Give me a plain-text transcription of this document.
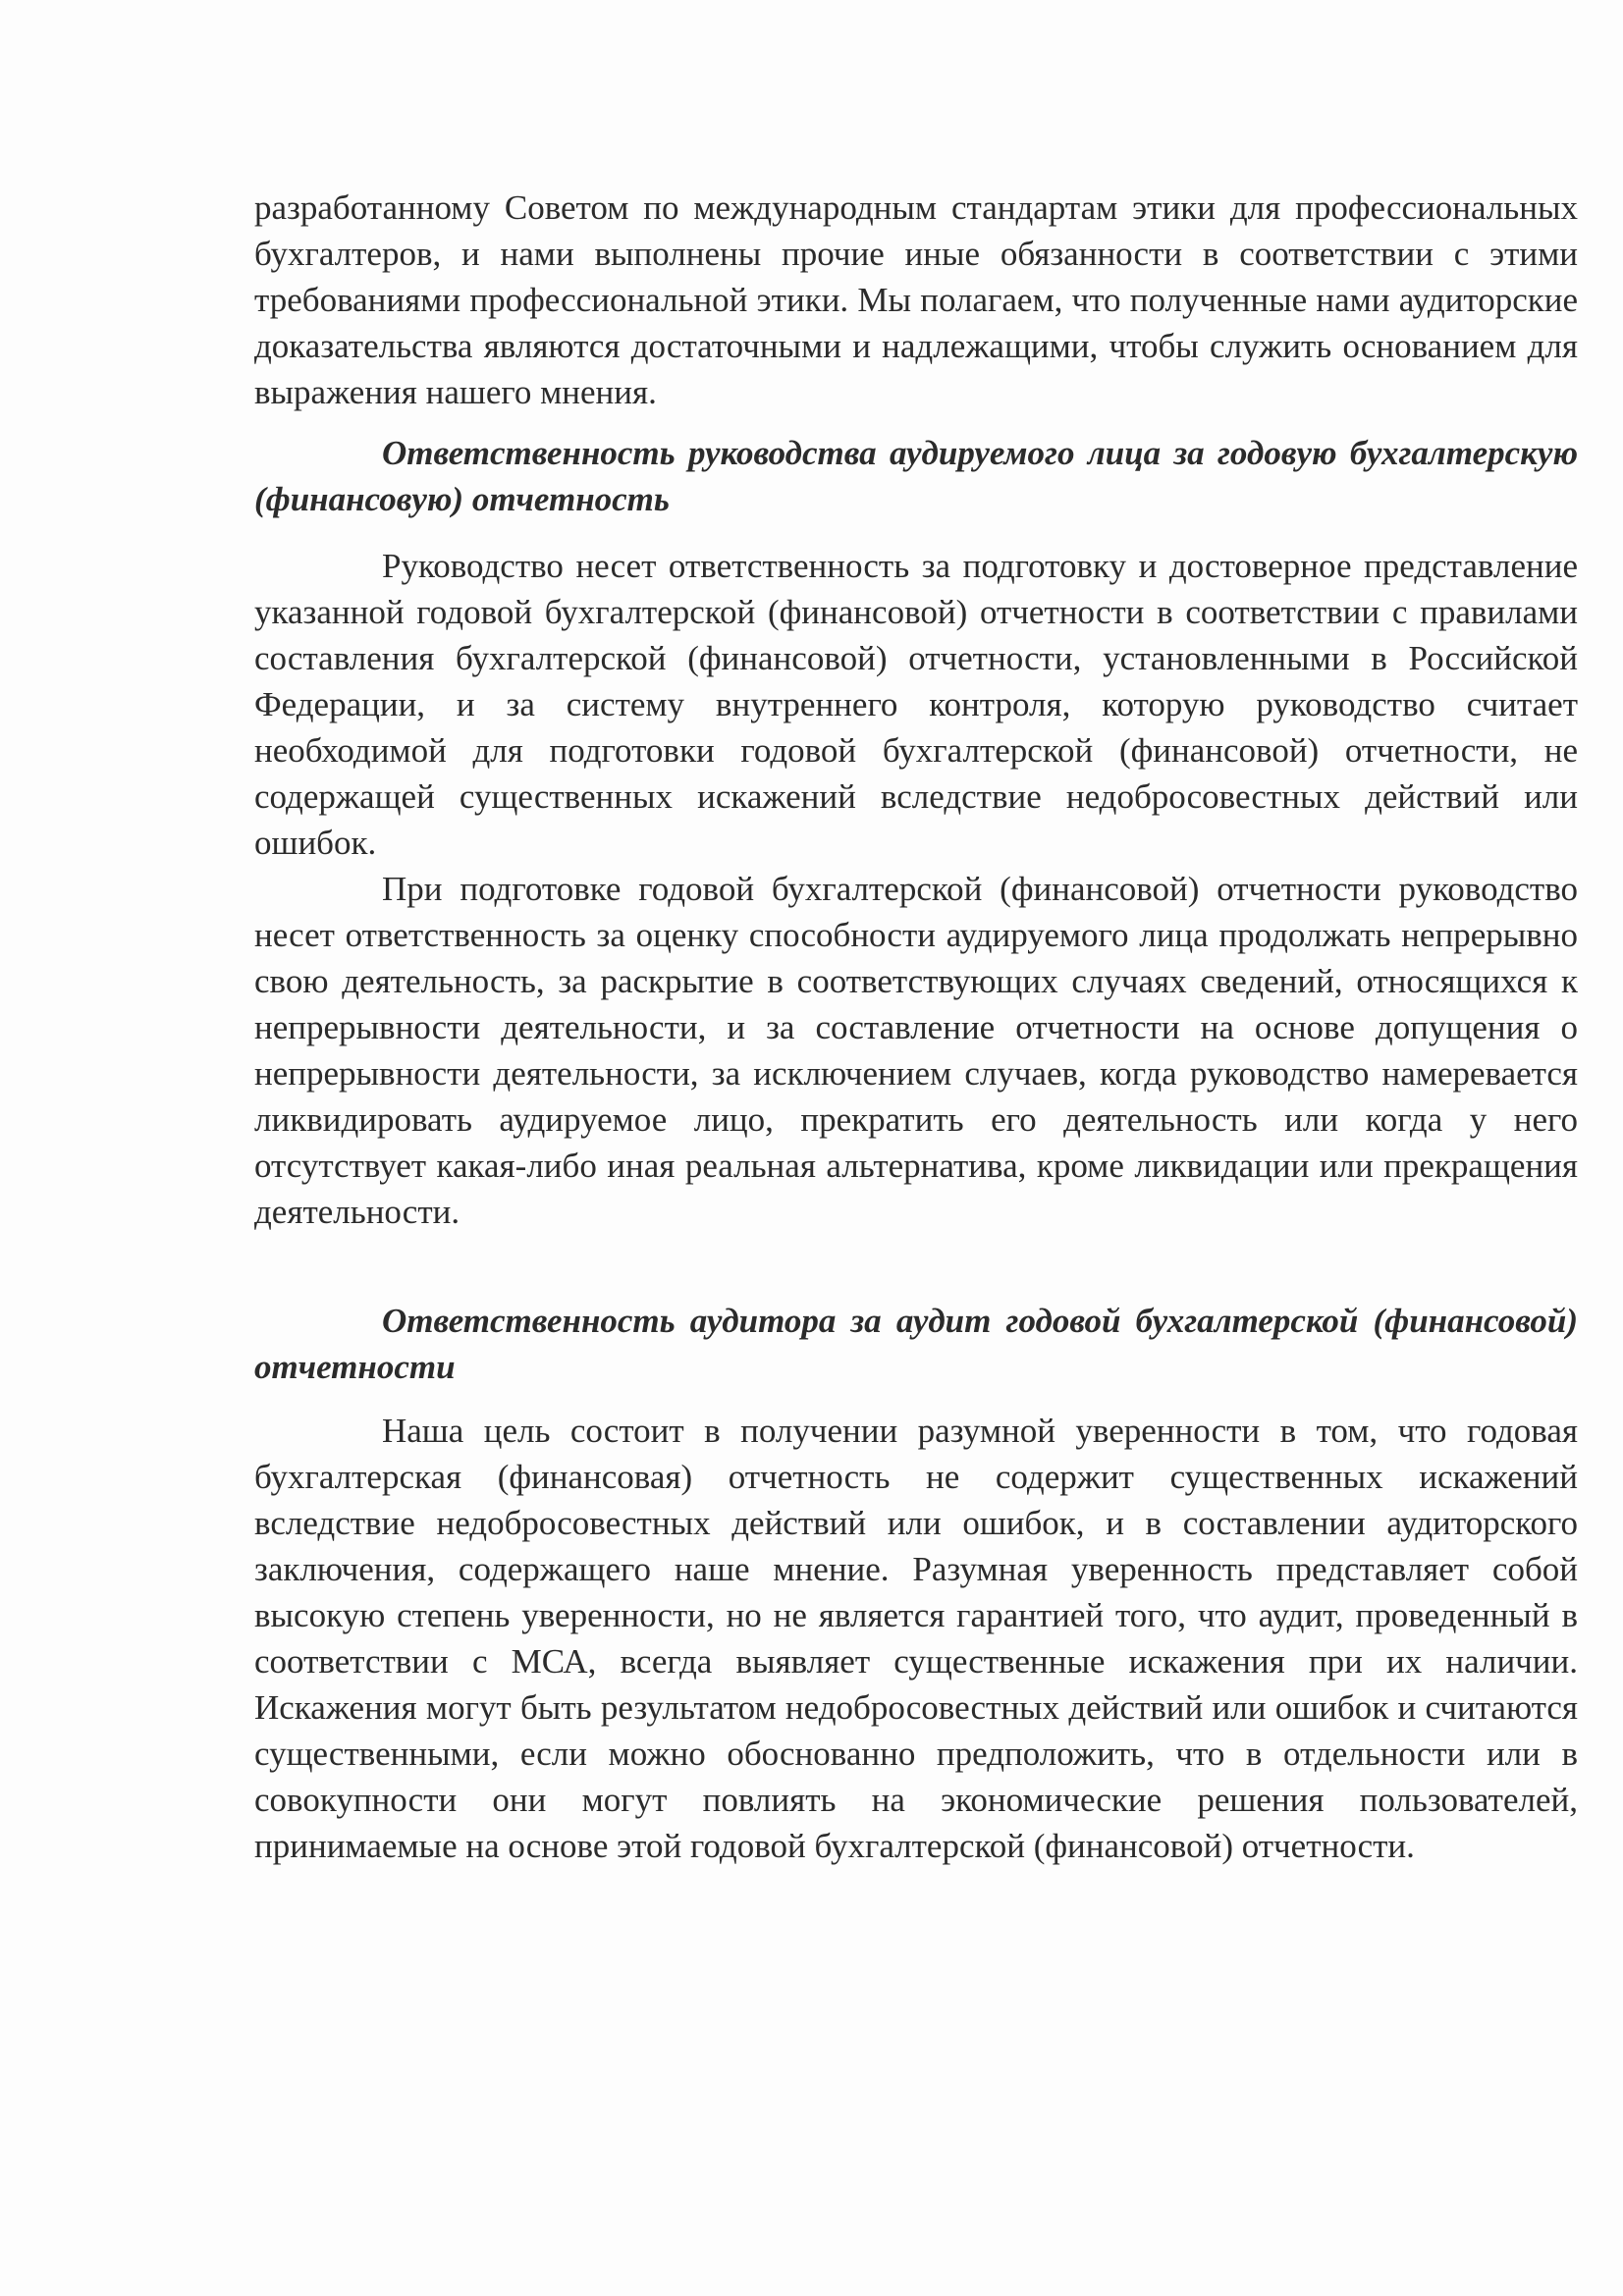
разработанному Советом по международным стандартам этики для профессиональных бухгалтеров, и нами выполнены прочие иные обязанности в соответствии с этими требованиями профессиональной этики. Мы полагаем, что полученные нами аудиторские доказательства являются достаточными и надлежащими, чтобы служить основанием для выражения нашего мнения.

Ответственность руководства аудируемого лица за годовую бухгалтерскую (финансовую) отчетность

Руководство несет ответственность за подготовку и достоверное представление указанной годовой бухгалтерской (финансовой) отчетности в соответствии с правилами составления бухгалтерской (финансовой) отчетности, установленными в Российской Федерации, и за систему внутреннего контроля, которую руководство считает необходимой для подготовки годовой бухгалтерской (финансовой) отчетности, не содержащей существенных искажений вследствие недобросовестных действий или ошибок.

При подготовке годовой бухгалтерской (финансовой) отчетности руководство несет ответственность за оценку способности аудируемого лица продолжать непрерывно свою деятельность, за раскрытие в соответствующих случаях сведений, относящихся к непрерывности деятельности, и за составление отчетности на основе допущения о непрерывности деятельности, за исключением случаев, когда руководство намеревается ликвидировать аудируемое лицо, прекратить его деятельность или когда у него отсутствует какая-либо иная реальная альтернатива, кроме ликвидации или прекращения деятельности.

Ответственность аудитора за аудит годовой бухгалтерской (финансовой) отчетности

Наша цель состоит в получении разумной уверенности в том, что годовая бухгалтерская (финансовая) отчетность не содержит существенных искажений вследствие недобросовестных действий или ошибок, и в составлении аудиторского заключения, содержащего наше мнение. Разумная уверенность представляет собой высокую степень уверенности, но не является гарантией того, что аудит, проведенный в соответствии с МСА, всегда выявляет существенные искажения при их наличии. Искажения могут быть результатом недобросовестных действий или ошибок и считаются существенными, если можно обоснованно предположить, что в отдельности или в совокупности они могут повлиять на экономические решения пользователей, принимаемые на основе этой годовой бухгалтерской (финансовой) отчетности.
